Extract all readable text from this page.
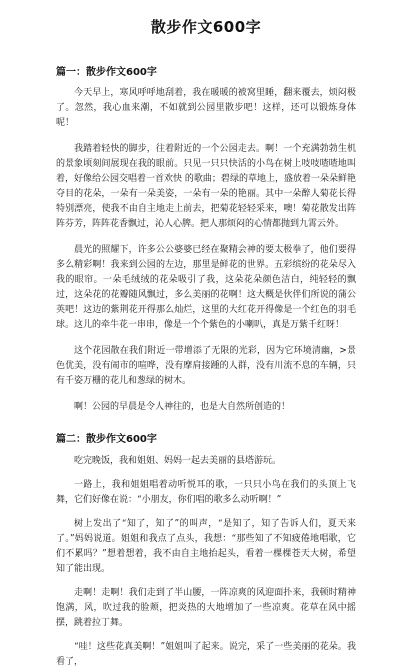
散步作文600字
篇一：散步作文600字

今天早上，寒风呼呼地刮着，我在暖暖的被窝里睡，翻来覆去，烦闷极了。忽然，我心血来潮，不如就到公园里散步吧！这样，还可以锻炼身体呢！

我踏着轻快的脚步，往着附近的一个公园走去。啊！一个充满勃勃生机的景象顷刻间展现在我的眼前。只见一只只快活的小鸟在树上吱吱喳喳地叫着，好像给公园交唱着一首欢快 的歌曲；碧绿的草地上，盛放着一朵朵鲜艳夺目的花朵，一朵有一朵美姿，一朵有一朵的艳丽。其中一朵醉人菊花长得特别漂亮，使我不由自主地走上前去，把菊花轻轻采来，噢！菊花散发出阵阵芬芳，阵阵花香飘过，沁人心脾。把人那烦闷的心情都抛到九霄云外。

晨光的照耀下，许多公公婆婆已经在聚精会神的要太极拳了，他们要得多么精彩啊！我来到公园的左边，那里是鲜花的世界。五彩缤纷的花朵尽入我的眼帘。一朵毛绒绒的花朵吸引了我，这朵花朵颜色洁白，纯轻轻的飘过，这朵花的花瓣随风飘过，多么美丽的花啊！这大概是伙伴们所说的蒲公英吧！这边的紫荆花开得那么灿烂，这里的大红花开得像是一个红色的羽毛球。这儿的牵牛花一串串，像是一个个紫色的小喇叭，真是万紫千红呀！

这个花园散在我们附近一带增添了无限的光彩，因为它环境清幽，>景色优美，没有闹市的喧哗，没有摩肩接踵的人群，没有川流不息的车辆，只有千姿万栅的花儿和葱绿的树木。

啊！公园的早晨是令人神往的，也是大自然所创造的！

篇二：散步作文600字

吃完晚饭，我和姐姐、妈妈一起去美丽的县塔游玩。

一路上，我和姐姐唱着动听悦耳的歌，一只只小鸟在我们的头顶上飞舞，它们好像在说：“小朋友，你们唱的歌多么动听啊！”

树上发出了“知了，知了”的叫声，“是知了，知了告诉人们，夏天来了。”妈妈说道。姐姐和我点了点头，我想：“那些知了不知疲倦地唱歌，它们不累吗？”想着想着，我不由自主地抬起头，看着一棵棵苍天大树，希望知了能出现。

走啊！走啊！我们走到了半山腰，一阵凉爽的风迎面扑来，我顿时精神饱满，风，吹过我的脸颊，把炎热的大地增加了一些凉爽。花草在风中摇摆，跳着拉丁舞。

“哇！这些花真美啊！”姐姐叫了起来。说完，采了一些美丽的花朵。我看了，
